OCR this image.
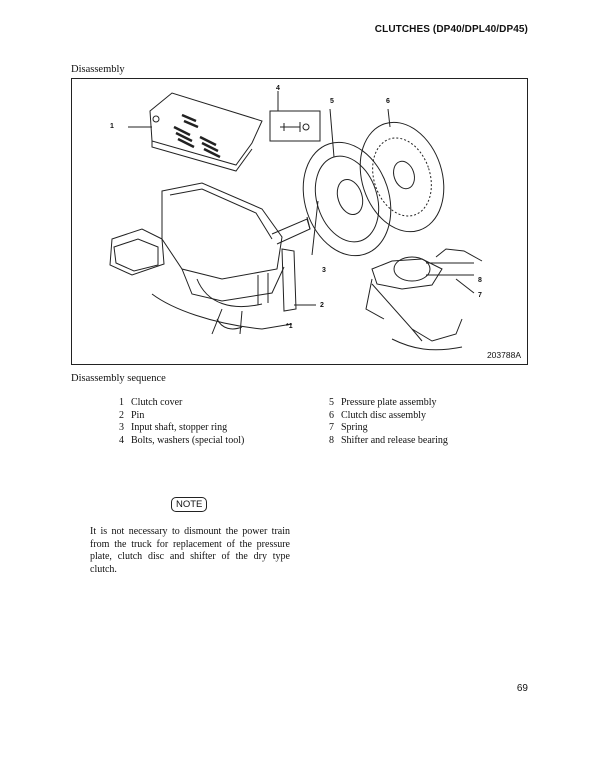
CLUTCHES (DP40/DPL40/DP45)
Disassembly
1
2
3
4
5	6
7
8
*1
203788A
Disassembly sequence
1 Clutch cover
2 Pin
3 Input shaft, stopper ring
4 Bolts, washers (special tool)
5 Pressure plate assembly
6 Clutch disc assembly
7 Spring
8 Shifter and release bearing
NOTE
It is not necessary to dismount the power train from the truck for replacement of the pressure plate, clutch disc and shifter of the dry type clutch.
69
